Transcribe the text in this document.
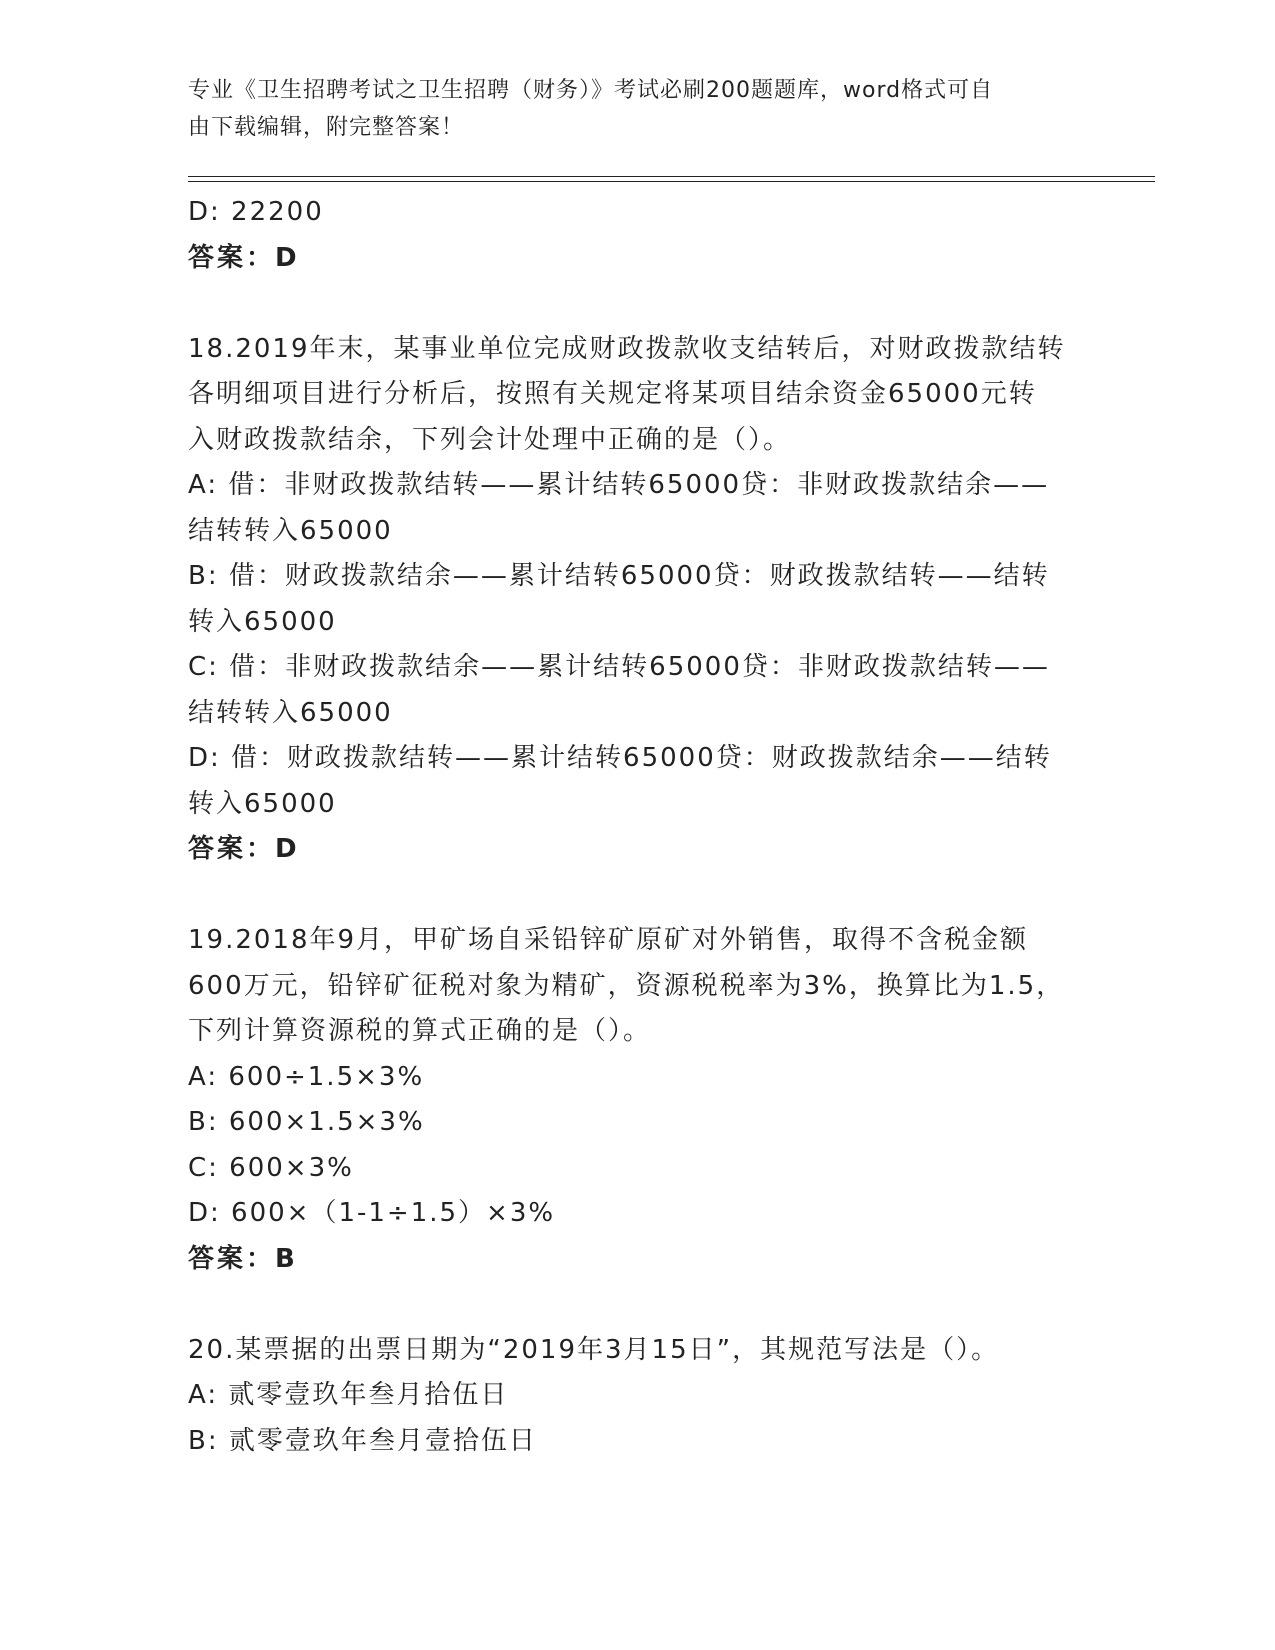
专业《卫生招聘考试之卫生招聘（财务）》考试必刷200题题库，word格式可自
由下载编辑，附完整答案！
D: 22200
答案：D
18.2019年末，某事业单位完成财政拨款收支结转后，对财政拨款结转
各明细项目进行分析后，按照有关规定将某项目结余资金65000元转
入财政拨款结余，下列会计处理中正确的是（）。
A: 借：非财政拨款结转——累计结转65000贷：非财政拨款结余——
结转转入65000
B: 借：财政拨款结余——累计结转65000贷：财政拨款结转——结转
转入65000
C: 借：非财政拨款结余——累计结转65000贷：非财政拨款结转——
结转转入65000
D: 借：财政拨款结转——累计结转65000贷：财政拨款结余——结转
转入65000
答案：D
19.2018年9月，甲矿场自采铅锌矿原矿对外销售，取得不含税金额
600万元，铅锌矿征税对象为精矿，资源税税率为3%，换算比为1.5，
下列计算资源税的算式正确的是（）。
A: 600÷1.5×3%
B: 600×1.5×3%
C: 600×3%
D: 600×（1-1÷1.5）×3%
答案：B
20.某票据的出票日期为“2019年3月15日”，其规范写法是（）。
A: 贰零壹玖年叁月拾伍日
B: 贰零壹玖年叁月壹拾伍日
